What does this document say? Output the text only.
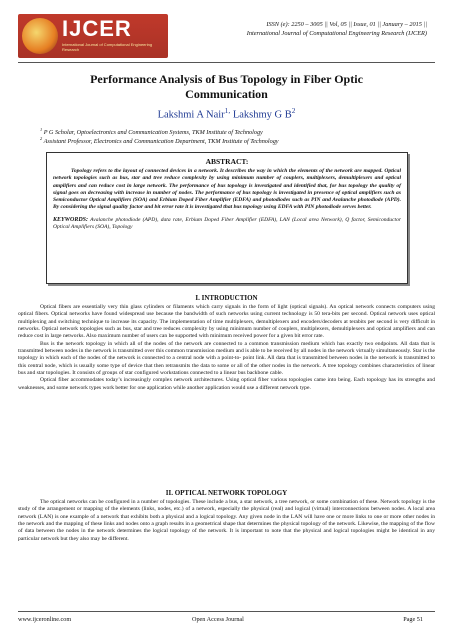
IJCER
International Journal of Computational Engineering Research
ISSN (e): 2250 – 3005 || Vol, 05 || Issue, 01 || January – 2015 ||
International Journal of Computational Engineering Research (IJCER)
Performance Analysis of Bus Topology in Fiber Optic Communication
Lakshmi A Nair$^{1,}$ Lakshmy G $B^2$
$^1$ P G Scholar, Optoelectronics and Communication Systems, TKM Institute of Technology
$^2$ Assistant Professor, Electronics and Communication Department, TKM Institute of Technology
ABSTRACT:
Topology refers to the layout of connected devices in a network. It describes the way in which the elements of the network are mapped. Optical network topologies such as bus, star and tree reduce complexity by using minimum number of couplers, multiplexers, demultiplexers and optical amplifiers and can reduce cost in large network. The performance of bus topology is investigated and identified that, for bus topology the quality of signal goes on decreasing with increase in number of nodes. The performance of bus topology is investigated in presence of optical amplifiers such as Semiconductor Optical Amplifiers (SOA) and Erbium Doped Fiber Amplifier (EDFA) and photodiodes such as PIN and Avalanche photodiode (APD). By considering the signal quality factor and bit error rate it is investigated that bus topology using EDFA with PIN photodiode serves better.
KEYWORDS: Avalanche photodiode (APD), data rate, Erbium Doped Fiber Amplifier (EDFA), LAN (Local area Network), Q factor, Semiconductor Optical Amplifiers (SOA), Topology
I. INTRODUCTION

Optical fibers are essentially very thin glass cylinders or filaments which carry signals in the form of light (optical signals). An optical network connects computers using optical fibers. Optical networks have found widespread use because the bandwidth of such networks using current technology is 50 tera-bits per second. Optical network uses optical multiplexing and switching technique to increase its capacity. The implementation of time multiplexers, demultiplexers and encoders/decoders at terabits per second is very difficult in networks. Optical network topologies such as bus, star and tree reduces complexity by using minimum number of couplers, multiplexers, demultiplexers and optical amplifiers and can reduce cost in large networks. Also maximum number of users can be supported with minimum received power for a given bit error rate.

Bus is the network topology in which all of the nodes of the network are connected to a common transmission medium which has exactly two endpoints. All data that is transmitted between nodes in the network is transmitted over this common transmission medium and is able to be received by all nodes in the network virtually simultaneously. Star is the topology in which each of the nodes of the network is connected to a central node with a point-to- point link. All data that is transmitted between nodes in the network is transmitted to this central node, which is usually some type of device that then retransmits the data to some or all of the other nodes in the network. A tree topology combines characteristics of linear bus and star topologies. It consists of groups of star configured workstations connected to a linear bus backbone cable.

Optical fiber accommodates today’s increasingly complex network architectures. Using optical fiber various topologies came into being. Each topology has its strengths and weaknesses, and some network types work better for one application while another application would use a different network type.

II. OPTICAL NETWORK TOPOLOGY

The optical networks can be configured in a number of topologies. These include a bus, a star network, a tree network, or some combination of these. Network topology is the study of the arrangement or mapping of the elements (links, nodes, etc.) of a network, especially the physical (real) and logical (virtual) interconnections between nodes. A local area network (LAN) is one example of a network that exhibits both a physical and a logical topology. Any given node in the LAN will have one or more links to one or more other nodes in the network and the mapping of these links and nodes onto a graph results in a geometrical shape that determines the physical topology of the network. Likewise, the mapping of the flow of data between the nodes in the network determines the logical topology of the network. It is important to note that the physical and logical topologies might be identical in any particular network but they also may be different.

www.ijceronline.com	Open Access Journal	Page 51
